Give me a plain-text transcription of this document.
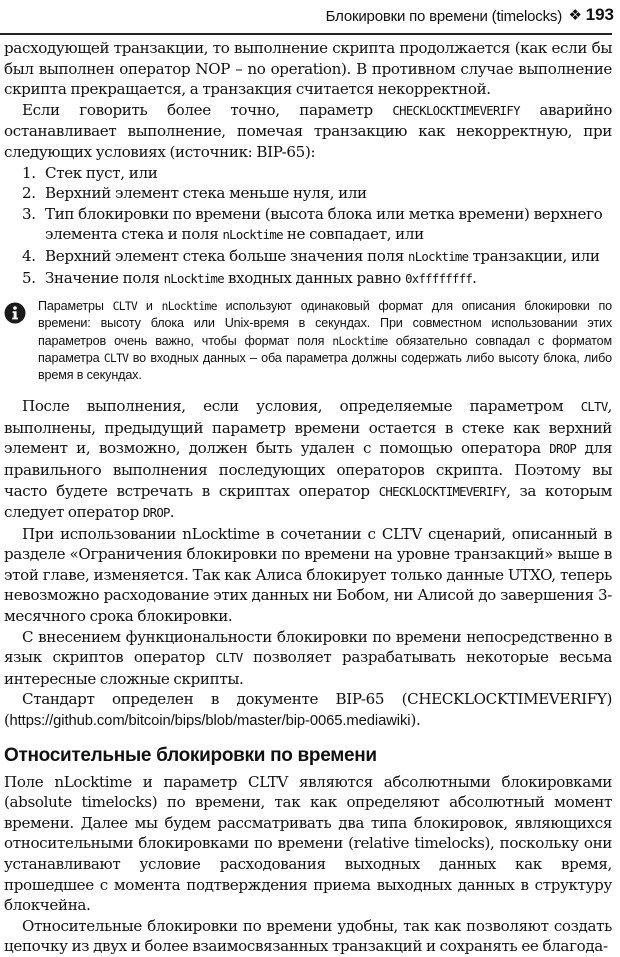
Блокировки по времени (timelocks) ❖ 193

расходующей транзакции, то выполнение скрипта продолжается (как если бы был выполнен оператор NOP – no operation). В противном случае выполнение скрипта прекращается, а транзакция считается некорректной.

Если говорить более точно, параметр CHECKLOCKTIMEVERIFY аварийно останавливает выполнение, помечая транзакцию как некорректную, при следующих условиях (источник: BIP-65):

1. Стек пуст, или
2. Верхний элемент стека меньше нуля, или
3. Тип блокировки по времени (высота блока или метка времени) верхнего элемента стека и поля nLocktime не совпадает, или
4. Верхний элемент стека больше значения поля nLocktime транзакции, или
5. Значение поля nLocktime входных данных равно 0xffffffff.
Параметры CLTV и nLocktime используют одинаковый формат для описания блокировки по времени: высоту блока или Unix-время в секундах. При совместном использовании этих параметров очень важно, чтобы формат поля nLocktime обязательно совпадал с форматом параметра CLTV во входных данных – оба параметра должны содержать либо высоту блока, либо время в секундах.

После выполнения, если условия, определяемые параметром CLTV, выполнены, предыдущий параметр времени остается в стеке как верхний элемент и, возможно, должен быть удален с помощью оператора DROP для правильного выполнения последующих операторов скрипта. Поэтому вы часто будете встречать в скриптах оператор CHECKLOCKTIMEVERIFY, за которым следует оператор DROP.

При использовании nLocktime в сочетании с CLTV сценарий, описанный в разделе «Ограничения блокировки по времени на уровне транзакций» выше в этой главе, изменяется. Так как Алиса блокирует только данные UTXO, теперь невозможно расходование этих данных ни Бобом, ни Алисой до завершения 3-месячного срока блокировки.

С внесением функциональности блокировки по времени непосредственно в язык скриптов оператор CLTV позволяет разрабатывать некоторые весьма интересные сложные скрипты.

Стандарт определен в документе BIP-65 (CHECKLOCKTIMEVERIFY) (https://github.com/bitcoin/bips/blob/master/bip-0065.mediawiki).

Относительные блокировки по времени

Поле nLocktime и параметр CLTV являются абсолютными блокировками (absolute timelocks) по времени, так как определяют абсолютный момент времени. Далее мы будем рассматривать два типа блокировок, являющихся относительными блокировками по времени (relative timelocks), поскольку они устанавливают условие расходования выходных данных как время, прошедшее с момента подтверждения приема выходных данных в структуру блокчейна.

Относительные блокировки по времени удобны, так как позволяют создать цепочку из двух и более взаимосвязанных транзакций и сохранять ее благода-
